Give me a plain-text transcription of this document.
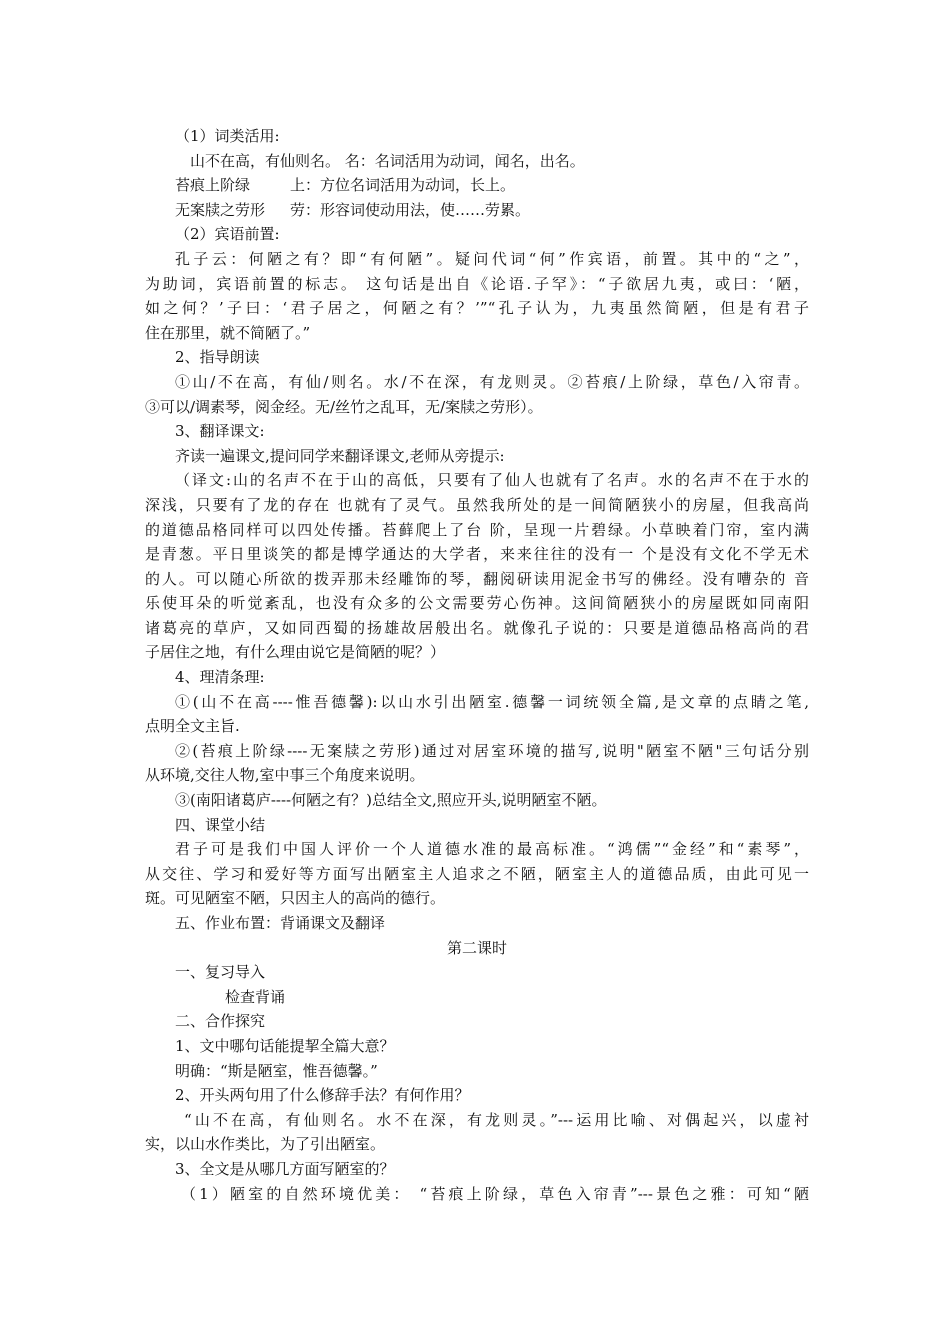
（1）词类活用:
山不在高，有仙则名。 名：名词活用为动词，闻名，出名。
苔痕上阶绿	上：方位名词活用为动词，长上。
无案牍之劳形 劳：形容词使动用法，使……劳累。
（2）宾语前置:
孔子云：何陋之有？即“有何陋”。疑问代词“何”作宾语，前置。其中的“之”，
为助词，宾语前置的标志。 这句话是出自《论语.子罕》：“子欲居九夷，或曰：‘陋，
如之何？’子曰：‘君子居之，何陋之有？’”“孔子认为，九夷虽然简陋，但是有君子
住在那里，就不简陋了。”
2、指导朗读
①山/不在高，有仙/则名。水/不在深，有龙则灵。②苔痕/上阶绿，草色/入帘青。
③可以/调素琴，阅金经。无/丝竹之乱耳，无/案牍之劳形）。
3、翻译课文:
齐读一遍课文,提问同学来翻译课文,老师从旁提示:
（译文:山的名声不在于山的高低，只要有了仙人也就有了名声。水的名声不在于水的
深浅，只要有了龙的存在 也就有了灵气。虽然我所处的是一间简陋狭小的房屋，但我高尚
的道德品格同样可以四处传播。苔藓爬上了台 阶，呈现一片碧绿。小草映着门帘，室内满
是青葱。平日里谈笑的都是博学通达的大学者，来来往往的没有一 个是没有文化不学无术
的人。可以随心所欲的拨弄那未经雕饰的琴，翻阅研读用泥金书写的佛经。没有嘈杂的 音
乐使耳朵的听觉紊乱，也没有众多的公文需要劳心伤神。这间简陋狭小的房屋既如同南阳
诸葛亮的草庐，又如同西蜀的扬雄故居般出名。就像孔子说的：只要是道德品格高尚的君
子居住之地，有什么理由说它是简陋的呢？）
4、理清条理:
①(山不在高----惟吾德馨):以山水引出陋室.德馨一词统领全篇,是文章的点睛之笔,
点明全文主旨.
②(苔痕上阶绿----无案牍之劳形)通过对居室环境的描写,说明"陋室不陋"三句话分别
从环境,交往人物,室中事三个角度来说明。
③(南阳诸葛庐----何陋之有？)总结全文,照应开头,说明陋室不陋。
四、课堂小结
君子可是我们中国人评价一个人道德水准的最高标准。“鸿儒”“金经”和“素琴”，
从交往、学习和爱好等方面写出陋室主人追求之不陋，陋室主人的道德品质，由此可见一
斑。可见陋室不陋，只因主人的高尚的德行。
五、作业布置：背诵课文及翻译
第二课时
一、复习导入
检查背诵
二、合作探究
1、文中哪句话能提挈全篇大意？
明确：“斯是陋室，惟吾德馨。”
2、开头两句用了什么修辞手法？有何作用？
“山不在高，有仙则名。水不在深，有龙则灵。”---运用比喻、对偶起兴，以虚衬
实，以山水作类比，为了引出陋室。
3、全文是从哪几方面写陋室的？
（1）陋室的自然环境优美： “苔痕上阶绿，草色入帘青”---景色之雅：可知“陋
